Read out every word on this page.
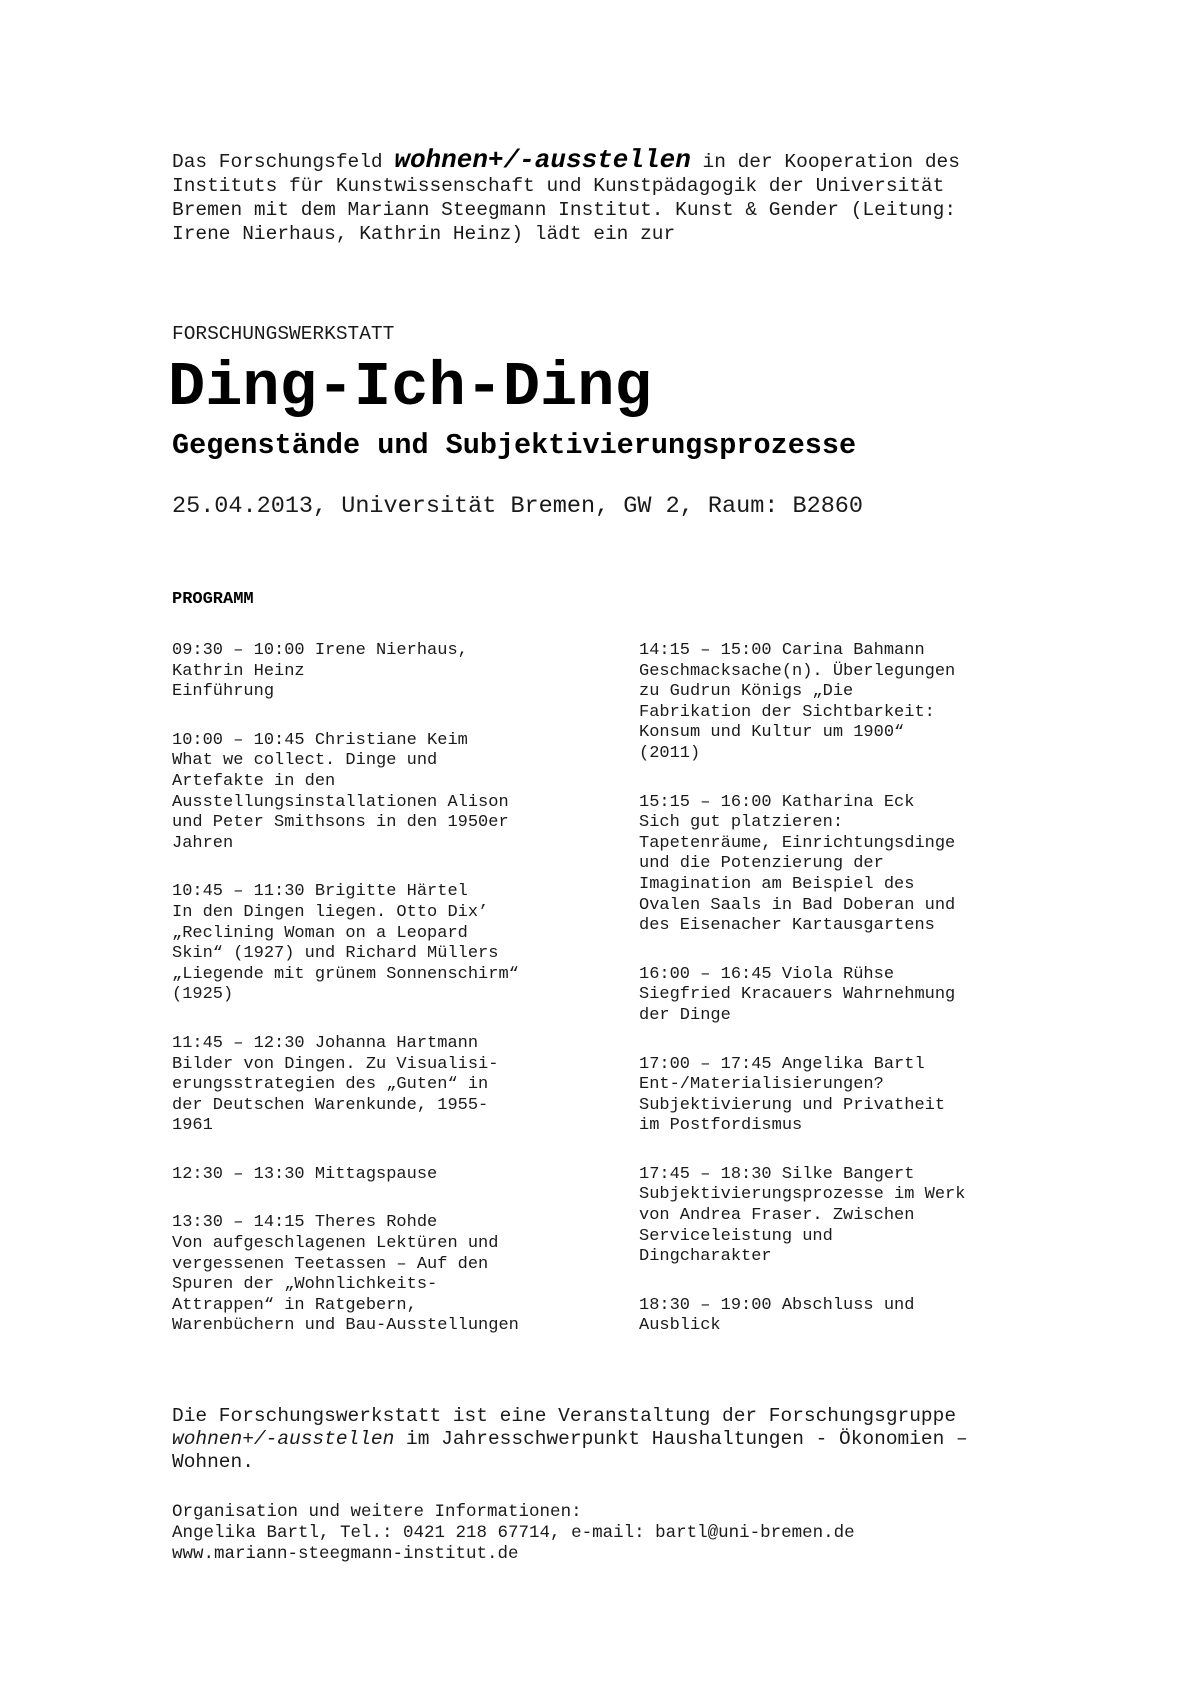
Das Forschungsfeld wohnen+/-ausstellen in der Kooperation des
Instituts für Kunstwissenschaft und Kunstpädagogik der Universität
Bremen mit dem Mariann Steegmann Institut. Kunst & Gender (Leitung:
Irene Nierhaus, Kathrin Heinz) lädt ein zur
FORSCHUNGSWERKSTATT
Ding-Ich-Ding
Gegenstände und Subjektivierungsprozesse
25.04.2013, Universität Bremen, GW 2, Raum: B2860
PROGRAMM
09:30 – 10:00 Irene Nierhaus,
Kathrin Heinz
Einführung
10:00 – 10:45 Christiane Keim
What we collect. Dinge und
Artefakte in den
Ausstellungsinstallationen Alison
und Peter Smithsons in den 1950er
Jahren
10:45 – 11:30 Brigitte Härtel
In den Dingen liegen. Otto Dix’
„Reclining Woman on a Leopard
Skin“ (1927) und Richard Müllers
„Liegende mit grünem Sonnenschirm“
(1925)
11:45 – 12:30 Johanna Hartmann
Bilder von Dingen. Zu Visualisi-
erungsstrategien des „Guten“ in
der Deutschen Warenkunde, 1955-
1961
12:30 – 13:30 Mittagspause
13:30 – 14:15 Theres Rohde
Von aufgeschlagenen Lektüren und
vergessenen Teetassen – Auf den
Spuren der „Wohnlichkeits-
Attrappen“ in Ratgebern,
Warenbüchern und Bau-Ausstellungen
14:15 – 15:00 Carina Bahmann
Geschmacksache(n). Überlegungen
zu Gudrun Königs „Die
Fabrikation der Sichtbarkeit:
Konsum und Kultur um 1900“
(2011)
15:15 – 16:00 Katharina Eck
Sich gut platzieren:
Tapetenräume, Einrichtungsdinge
und die Potenzierung der
Imagination am Beispiel des
Ovalen Saals in Bad Doberan und
des Eisenacher Kartausgartens
16:00 – 16:45 Viola Rühse
Siegfried Kracauers Wahrnehmung
der Dinge
17:00 – 17:45 Angelika Bartl
Ent-/Materialisierungen?
Subjektivierung und Privatheit
im Postfordismus
17:45 – 18:30 Silke Bangert
Subjektivierungsprozesse im Werk
von Andrea Fraser. Zwischen
Serviceleistung und
Dingcharakter
18:30 – 19:00 Abschluss und
Ausblick
Die Forschungswerkstatt ist eine Veranstaltung der Forschungsgruppe
wohnen+/-ausstellen im Jahresschwerpunkt Haushaltungen - Ökonomien –
Wohnen.
Organisation und weitere Informationen:
Angelika Bartl, Tel.: 0421 218 67714, e-mail: bartl@uni-bremen.de
www.mariann-steegmann-institut.de
